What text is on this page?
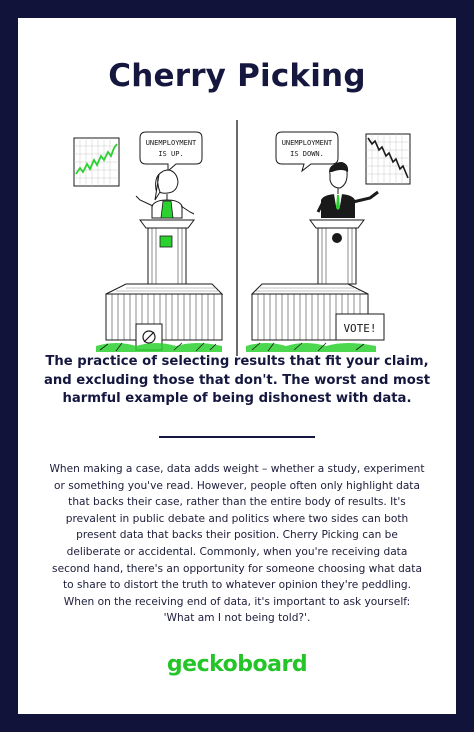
Cherry Picking
UNEMPLOYMENT
IS UP.
UNEMPLOYMENT
IS DOWN.
VOTE!
The practice of selecting results that fit your claim, and excluding those that don't. The worst and most harmful example of being dishonest with data.
When making a case, data adds weight – whether a study, experiment or something you've read. However, people often only highlight data that backs their case, rather than the entire body of results. It's prevalent in public debate and politics where two sides can both present data that backs their position. Cherry Picking can be deliberate or accidental. Commonly, when you're receiving data second hand, there's an opportunity for someone choosing what data to share to distort the truth to whatever opinion they're peddling. When on the receiving end of data, it's important to ask yourself: 'What am I not being told?'.
geckoboard
